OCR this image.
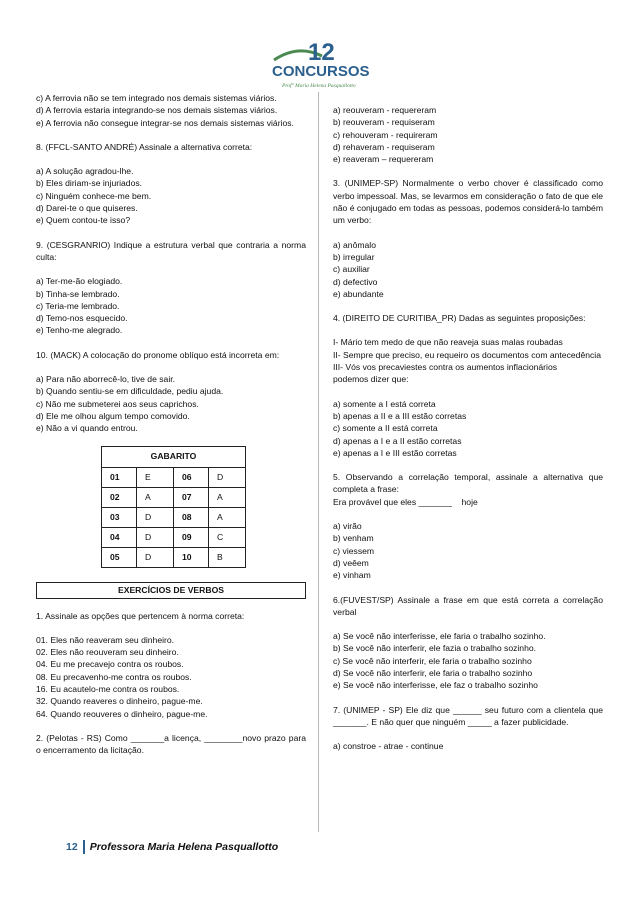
12
CONCURSOS
Prof° Maria Helena Pasquallotto

c) A ferrovia não se tem integrado nos demais sistemas viários.

d) A ferrovia estaria integrando-se nos demais sistemas viários.

e) A ferrovia não consegue integrar-se nos demais sistemas viários.

8. (FFCL-SANTO ANDRÉ) Assinale a alternativa correta:

a) A solução agradou-lhe.

b) Eles diriam-se injuriados.

c) Ninguém conhece-me bem.

d) Darei-te o que quiseres.

e) Quem contou-te isso?

9. (CESGRANRIO) Indique a estrutura verbal que contraria a norma culta:

a) Ter-me-ão elogiado.

b) Tinha-se lembrado.

c) Teria-me lembrado.

d) Temo-nos esquecido.

e) Tenho-me alegrado.

10. (MACK) A colocação do pronome oblíquo está incorreta em:

a) Para não aborrecê-lo, tive de sair.

b) Quando sentiu-se em dificuldade, pediu ajuda.

c) Não me submeterei aos seus caprichos.

d) Ele me olhou algum tempo comovido.

e) Não a vi quando entrou.

GABARITO			
01	E	06	D
02	A	07	A
03	D	08	A
04	D	09	C
05	D	10	B
EXERCÍCIOS DE VERBOS

1. Assinale as opções que pertencem à norma correta:

01. Eles não reaveram seu dinheiro.

02. Eles não reouveram seu dinheiro.

04. Eu me precavejo contra os roubos.

08. Eu precavenho-me contra os roubos.

16. Eu acautelo-me contra os roubos.

32. Quando reaveres o dinheiro, pague-me.

64. Quando reouveres o dinheiro, pague-me.

2. (Pelotas - RS) Como _______a licença, ________novo prazo para o encerramento da licitação.

a) reouveram - requereram

b) reouveram - requiseram

c) rehouveram - requireram

d) rehaveram - requiseram

e) reaveram – requereram

3. (UNIMEP-SP) Normalmente o verbo chover é classificado como verbo impessoal. Mas, se levarmos em consideração o fato de que ele não é conjugado em todas as pessoas, podemos considerá-lo também um verbo:

a) anômalo

b) irregular

c) auxiliar

d) defectivo

e) abundante

4. (DIREITO DE CURITIBA_PR) Dadas as seguintes proposições:

I- Mário tem medo de que não reaveja suas malas roubadas

II- Sempre que preciso, eu requeiro os documentos com antecedência

III- Vós vos precaviestes contra os aumentos inflacionários

podemos dizer que:

a) somente a I está correta

b) apenas a II e a III estão corretas

c) somente a II está correta

d) apenas a I e a II estão corretas

e) apenas a I e III estão corretas

5. Observando a correlação temporal, assinale a alternativa que completa a frase:

Era provável que eles _______    hoje

a) virão

b) venham

c) viessem

d) veêem

e) vinham

6.(FUVEST/SP) Assinale a frase em que está correta a correlação verbal

a) Se você não interferisse, ele faria o trabalho sozinho.

b) Se você não interferir, ele fazia o trabalho sozinho.

c) Se você não interferir, ele faria o trabalho sozinho

d) Se você não interferir, ele faria o trabalho sozinho

e) Se você não interferisse, ele faz o trabalho sozinho

7. (UNIMEP - SP) Ele diz que ______ seu futuro com a clientela que _______. E não quer que ninguém _____ a fazer publicidade.

a) constroe - atrae - continue

12 Professora Maria Helena Pasquallotto
